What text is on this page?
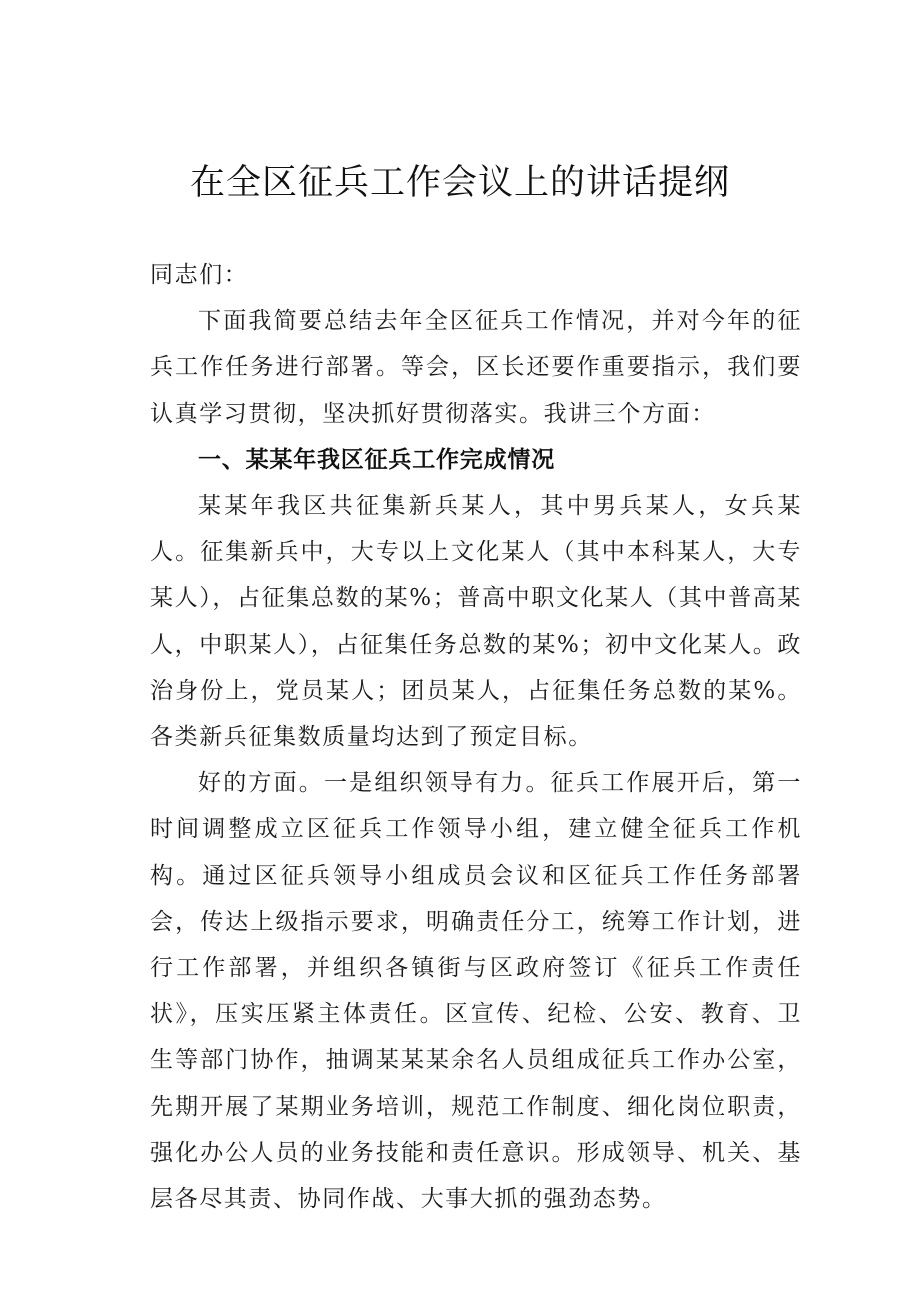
在全区征兵工作会议上的讲话提纲

同志们：

下面我简要总结去年全区征兵工作情况，并对今年的征兵工作任务进行部署。等会，区长还要作重要指示，我们要认真学习贯彻，坚决抓好贯彻落实。我讲三个方面：

一、某某年我区征兵工作完成情况

某某年我区共征集新兵某人，其中男兵某人，女兵某人。征集新兵中，大专以上文化某人（其中本科某人，大专某人），占征集总数的某%；普高中职文化某人（其中普高某人，中职某人），占征集任务总数的某%；初中文化某人。政治身份上，党员某人；团员某人，占征集任务总数的某%。各类新兵征集数质量均达到了预定目标。

好的方面。一是组织领导有力。征兵工作展开后，第一时间调整成立区征兵工作领导小组，建立健全征兵工作机构。通过区征兵领导小组成员会议和区征兵工作任务部署会，传达上级指示要求，明确责任分工，统筹工作计划，进行工作部署，并组织各镇街与区政府签订《征兵工作责任状》，压实压紧主体责任。区宣传、纪检、公安、教育、卫生等部门协作，抽调某某某余名人员组成征兵工作办公室，先期开展了某期业务培训，规范工作制度、细化岗位职责，强化办公人员的业务技能和责任意识。形成领导、机关、基层各尽其责、协同作战、大事大抓的强劲态势。
